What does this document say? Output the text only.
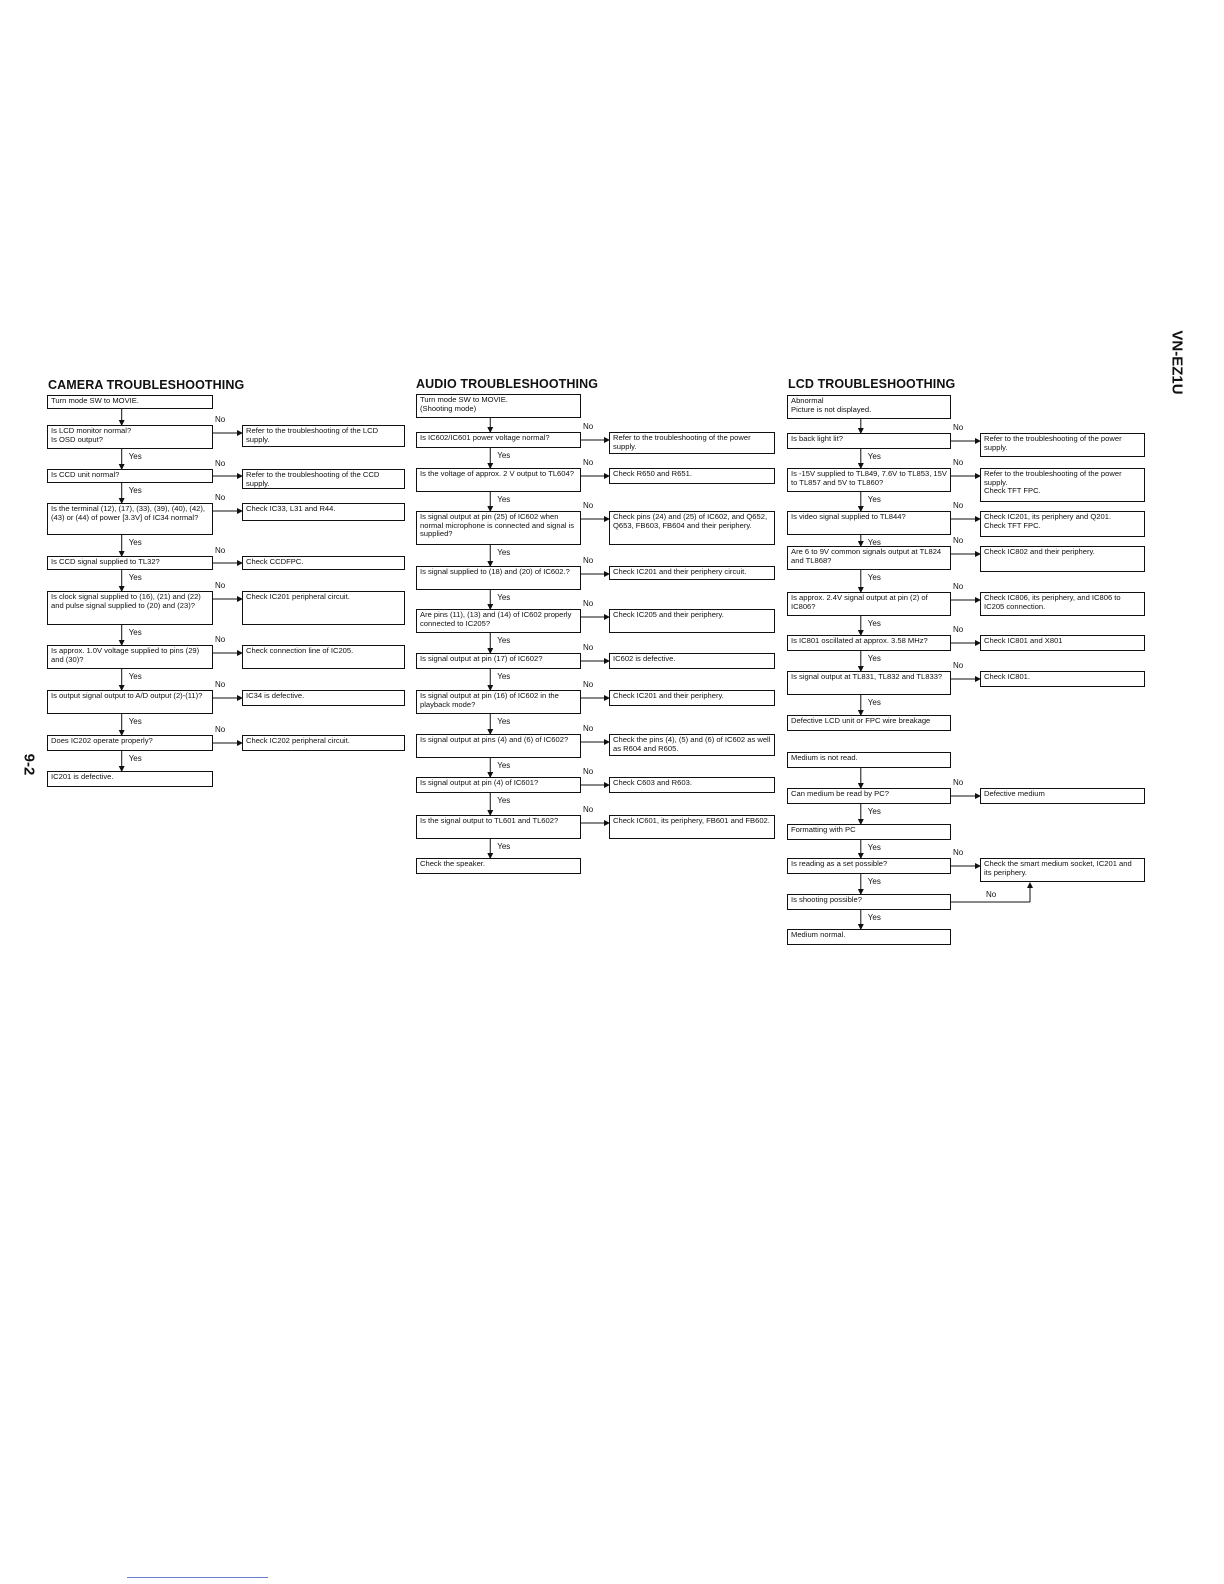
CAMERA TROUBLESHOOTHING	AUDIO TROUBLESHOOTHING	LCD TROUBLESHOOTHING	VN-EZ1U
9-2
Turn mode SW to MOVIE.
Is LCD monitor normal?
Is OSD output?
Is CCD unit normal?
Is the terminal (12), (17), (33), (39), (40), (42), (43) or (44) of power [3.3V] of IC34 normal?
Is CCD signal supplied to TL32?
Is clock signal supplied to (16), (21) and (22) and pulse signal supplied to (20) and (23)?
Is approx. 1.0V voltage supplied to pins (29) and (30)?
Is output signal output to A/D output (2)-(11)?
Does IC202 operate properly?
IC201 is defective.
Refer to the troubleshooting of the LCD supply.
Refer to the troubleshooting of the CCD supply.
Check IC33, L31 and R44.
Check CCDFPC.
Check IC201 peripheral circuit.
Check connection line of IC205.
IC34 is defective.
Check IC202 peripheral circuit.
Turn mode SW to MOVIE.
(Shooting mode)
Is IC602/IC601 power voltage normal?
Is the voltage of approx. 2 V output to TL604?
Is signal output at pin (25) of IC602 when normal microphone is connected and signal is supplied?
Is signal supplied to (18) and (20) of IC602.?
Are pins (11), (13) and (14) of IC602 properly connected to IC205?
Is signal output at pin (17) of IC602?
Is signal output at pin (16) of IC602 in the playback mode?
Is signal output at pins (4) and (6) of IC602?
Is signal output at pin (4) of IC601?
Is the signal output to TL601 and TL602?
Check the speaker.
Refer to the troubleshooting of the power supply.
Check R650 and R651.
Check pins (24) and (25) of IC602, and Q652, Q653, FB603, FB604 and their periphery.
Check IC201 and their periphery circuit.
Check IC205 and their periphery.
IC602 is defective.
Check IC201 and their periphery.
Check the pins (4), (5) and (6) of IC602 as well as R604 and R605.
Check C603 and R603.
Check IC601, its periphery, FB601 and FB602.
Abnormal
Picture is not displayed.
Is back light lit?
Is -15V supplied to TL849, 7.6V to TL853, 15V to TL857 and 5V to TL860?
Is video signal supplied to TL844?
Are 6 to 9V common signals output at TL824 and TL868?
Is approx. 2.4V signal output at pin (2) of IC806?
Is IC801 oscillated at approx. 3.58 MHz?
Is signal output at TL831, TL832 and TL833?
Defective LCD unit or FPC wire breakage
Refer to the troubleshooting of the power supply.
Refer to the troubleshooting of the power supply.
Check TFT FPC.
Check IC201, its periphery and Q201.
Check TFT FPC.
Check IC802 and their periphery.
Check IC806, its periphery, and IC806 to IC205 connection.
Check IC801 and X801
Check IC801.
Medium is not read.
Can medium be read by PC?
Formatting with PC
Is reading as a set possible?
Is shooting possible?
Medium normal.
Defective medium
Check the smart medium socket, IC201 and its periphery.
Yes
Yes
Yes
Yes
Yes
Yes
Yes
Yes
No
No
No
No
No
No
No
No
Yes
Yes
Yes
Yes
Yes
Yes
Yes
Yes
Yes
Yes
No
No
No
No
No
No
No
No
No
No
Yes
Yes
Yes
Yes
Yes
Yes
Yes
No
No
No
No
No
No
No
Yes
Yes
Yes
Yes
No
No
No
